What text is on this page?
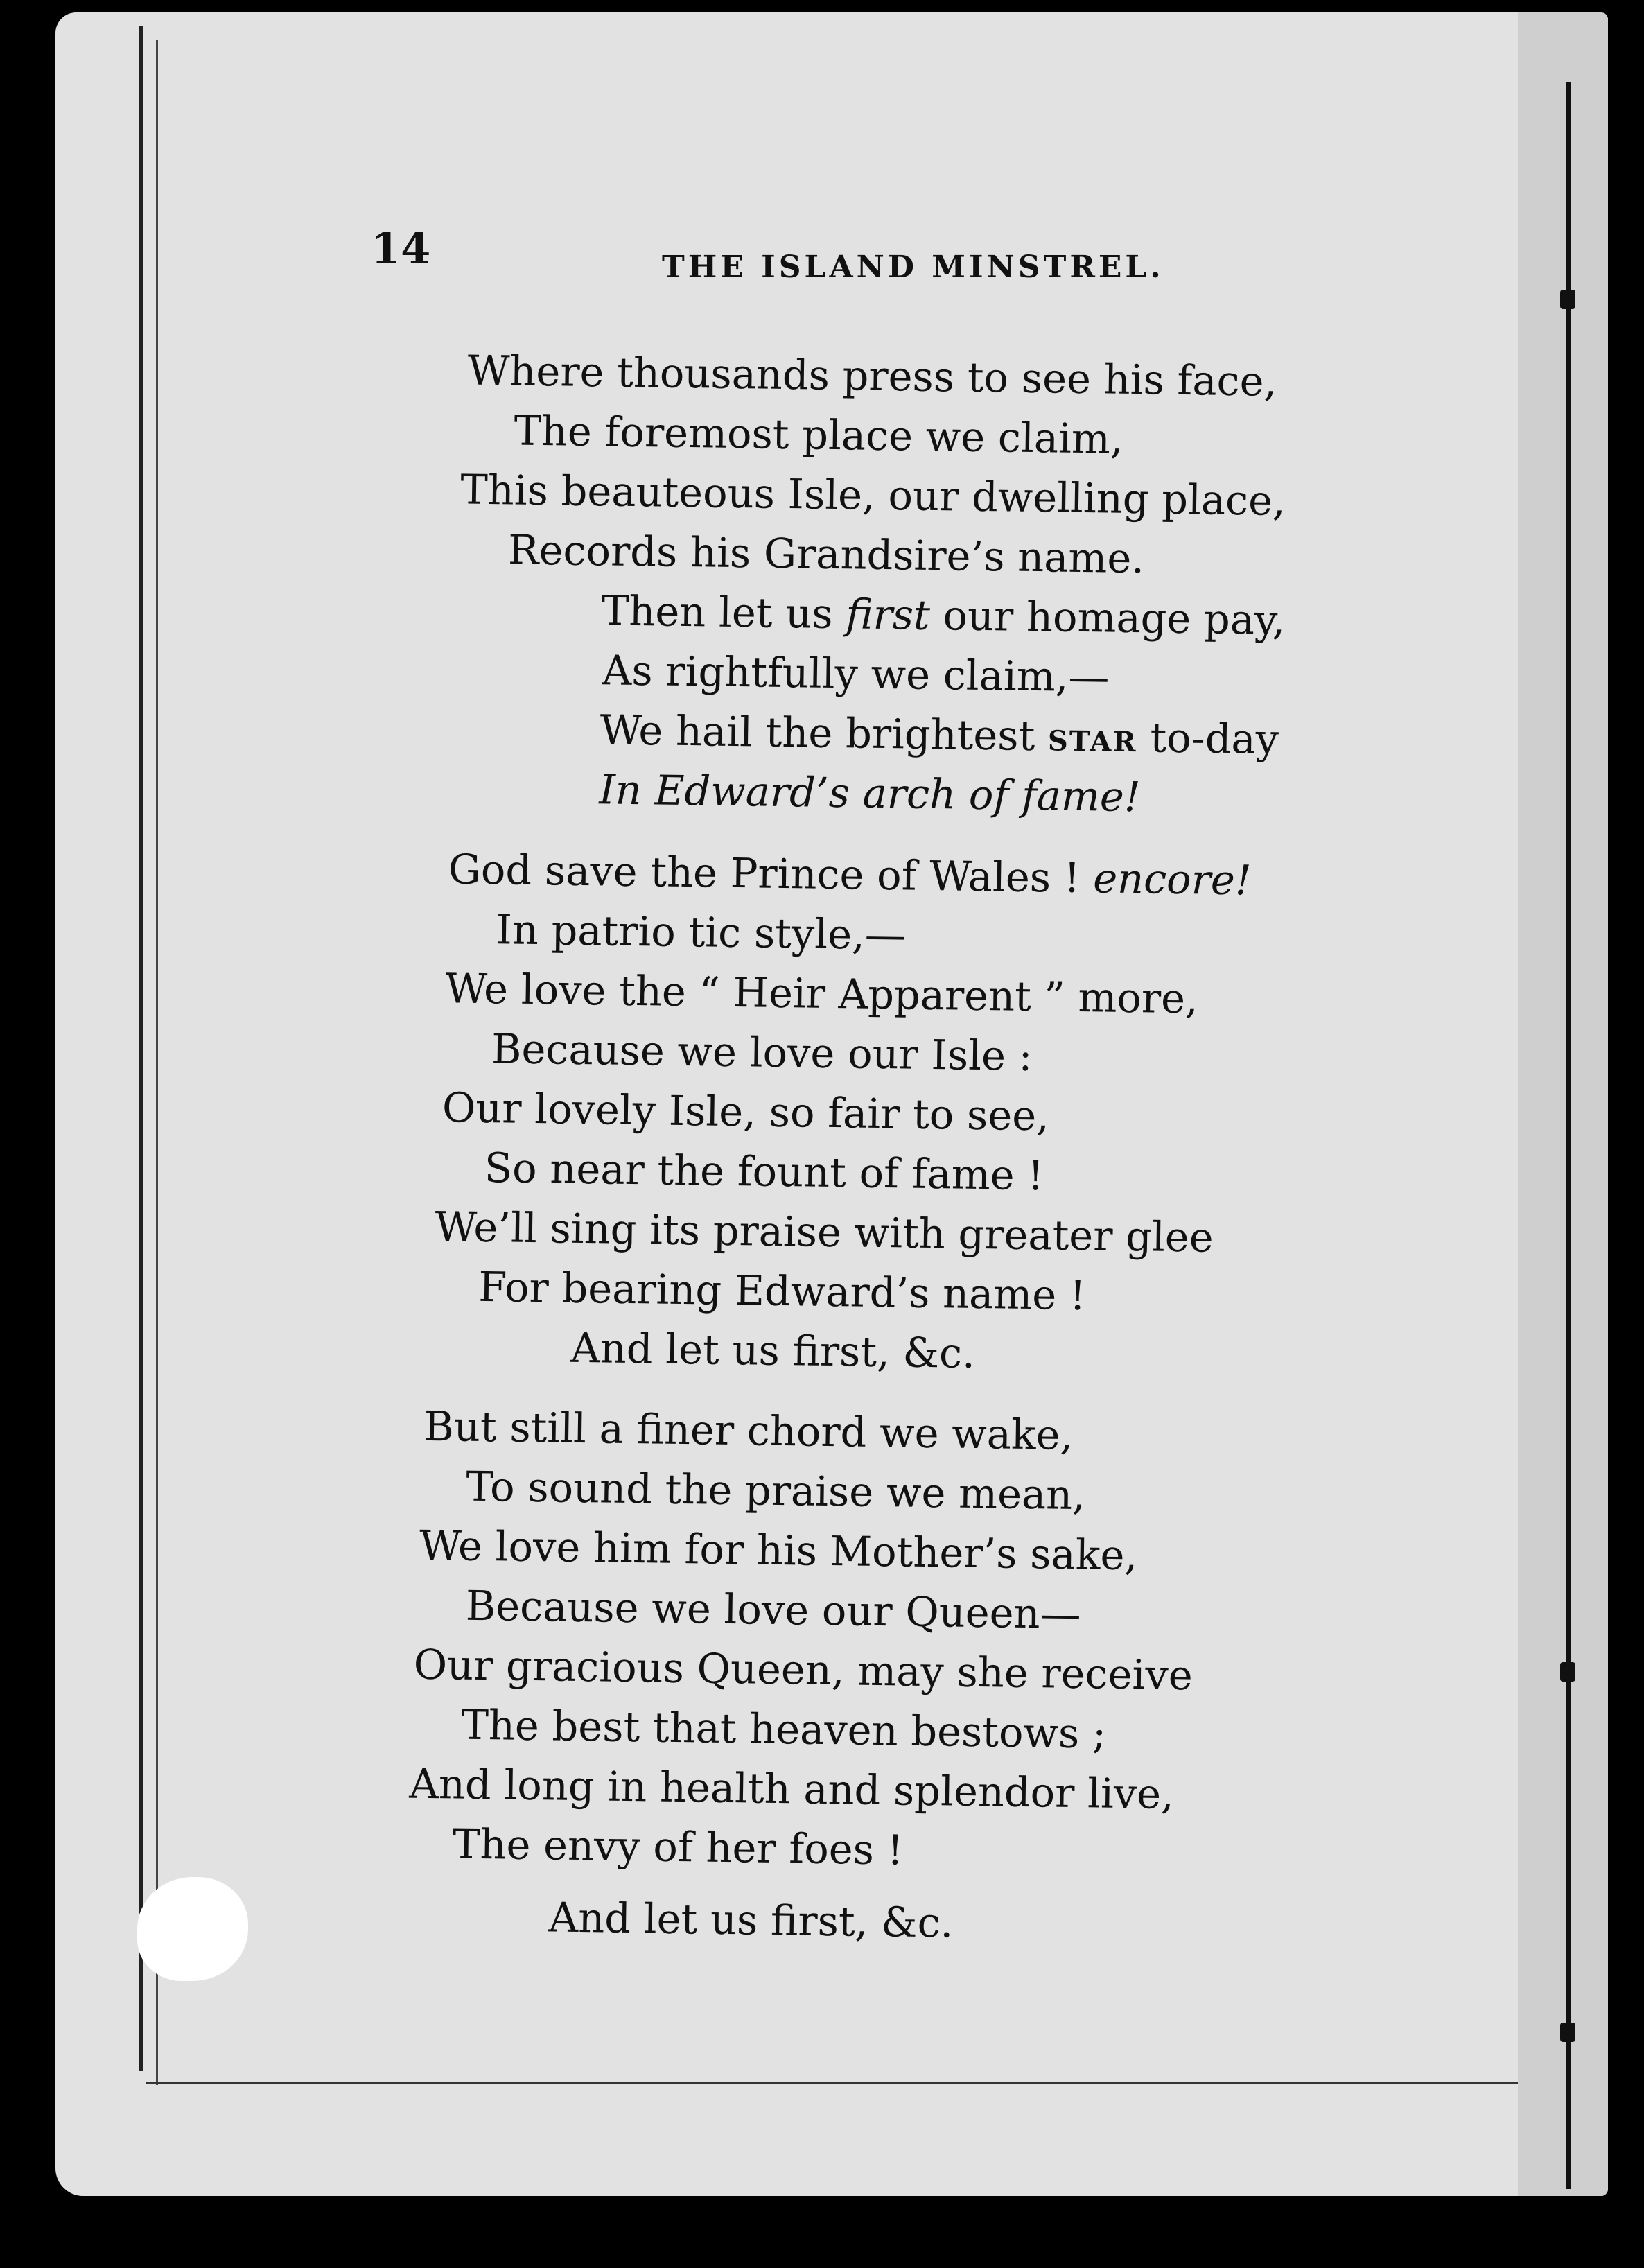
14	THE ISLAND MINSTREL.
Where thousands press to see his face,
The foremost place we claim,
This beauteous Isle, our dwelling place,
Records his Grandsire’s name.
Then let us first our homage pay,
As rightfully we claim,—
We hail the brightest STAR to-day
In Edward’s arch of fame!
God save the Prince of Wales ! encore!
In patrio tic style,—
We love the “ Heir Apparent ” more,
Because we love our Isle :
Our lovely Isle, so fair to see,
So near the fount of fame !
We’ll sing its praise with greater glee
For bearing Edward’s name !
And let us first, &c.
But still a finer chord we wake,
To sound the praise we mean,
We love him for his Mother’s sake,
Because we love our Queen—
Our gracious Queen, may she receive
The best that heaven bestows ;
And long in health and splendor live,
The envy of her foes !
And let us first, &c.
